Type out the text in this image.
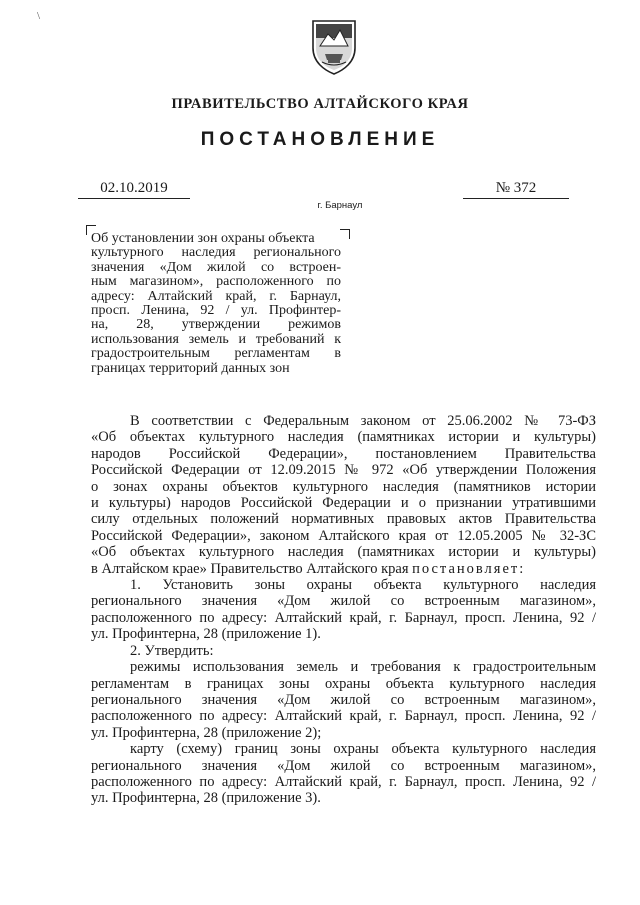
\
ПРАВИТЕЛЬСТВО АЛТАЙСКОГО КРАЯ
ПОСТАНОВЛЕНИЕ
02.10.2019	№ 372
г. Барнаул
Об установлении зон охраны объекта
культурного наследия регионального
значения «Дом жилой со встроен-
ным магазином», расположенного по
адресу: Алтайский край, г. Барнаул,
просп. Ленина, 92 / ул. Профинтер-
на, 28, утверждении режимов
использования земель и требований к
градостроительным регламентам в
границах территорий данных зон
В соответствии с Федеральным законом от 25.06.2002 № 73-ФЗ
«Об объектах культурного наследия (памятниках истории и культуры)
народов Российской Федерации», постановлением Правительства
Российской Федерации от 12.09.2015 № 972 «Об утверждении Положения
о зонах охраны объектов культурного наследия (памятников истории
и культуры) народов Российской Федерации и о признании утратившими
силу отдельных положений нормативных правовых актов Правительства
Российской Федерации», законом Алтайского края от 12.05.2005 № 32-ЗС
«Об объектах культурного наследия (памятниках истории и культуры)
в Алтайском крае» Правительство Алтайского края постановляет:
1. Установить зоны охраны объекта культурного наследия
регионального значения «Дом жилой со встроенным магазином»,
расположенного по адресу: Алтайский край, г. Барнаул, просп. Ленина, 92 /
ул. Профинтерна, 28 (приложение 1).
2. Утвердить:
режимы использования земель и требования к градостроительным
регламентам в границах зоны охраны объекта культурного наследия
регионального значения «Дом жилой со встроенным магазином»,
расположенного по адресу: Алтайский край, г. Барнаул, просп. Ленина, 92 /
ул. Профинтерна, 28 (приложение 2);
карту (схему) границ зоны охраны объекта культурного наследия
регионального значения «Дом жилой со встроенным магазином»,
расположенного по адресу: Алтайский край, г. Барнаул, просп. Ленина, 92 /
ул. Профинтерна, 28 (приложение 3).
